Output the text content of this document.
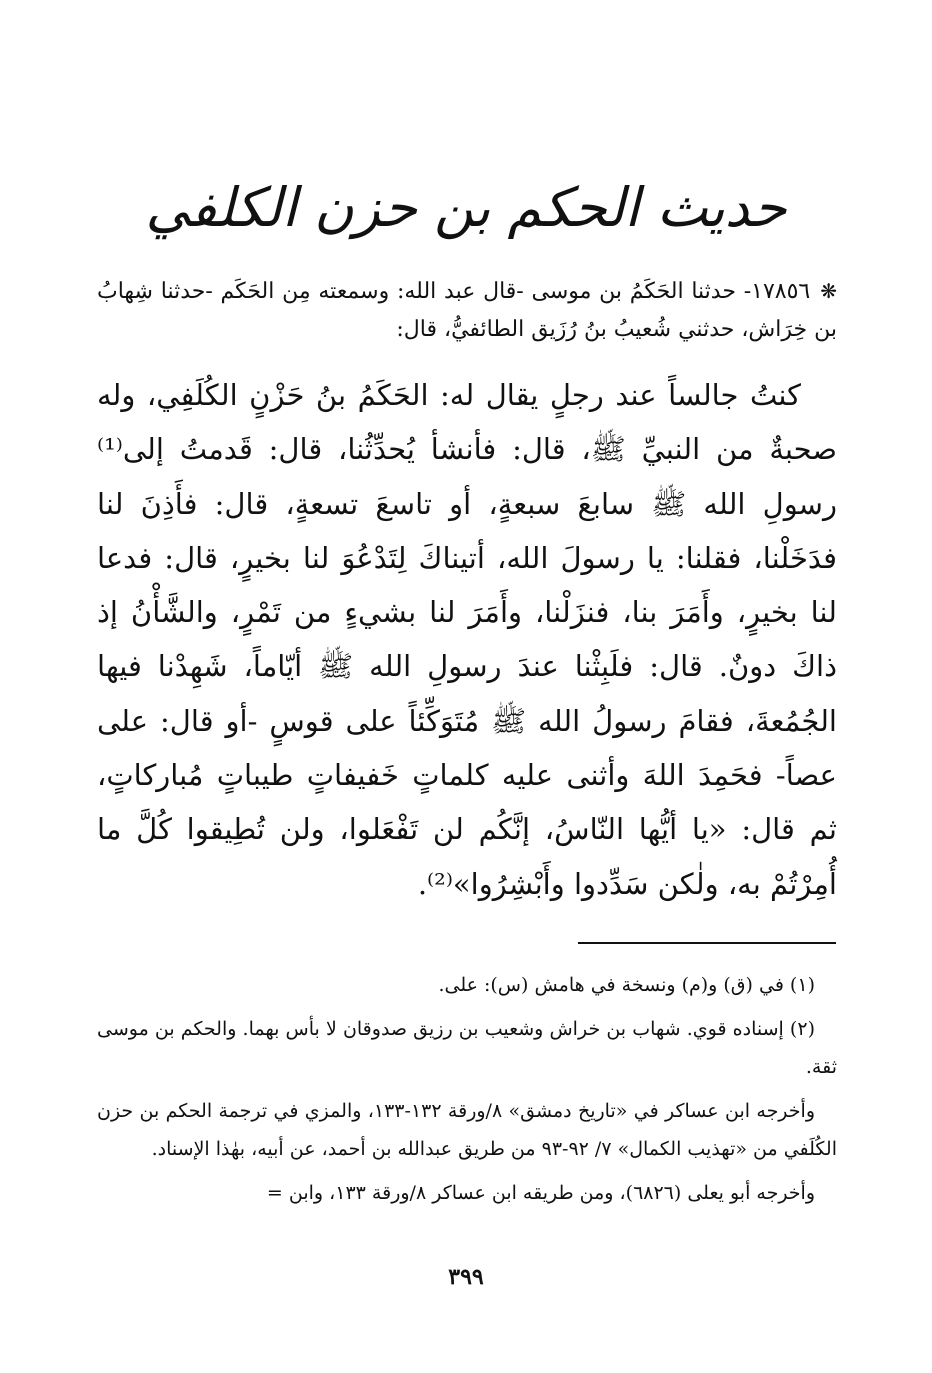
حديث الحكم بن حزن الكلفي
❋١٧٨٥٦- حدثنا الحَكَمُ بن موسى -قال عبد الله: وسمعته مِن الحَكَم -حدثنا شِهابُ بن خِرَاش، حدثني شُعيبُ بنُ رُزَيق الطائفيُّ، قال:

كنتُ جالساً عند رجلٍ يقال له: الحَكَمُ بنُ حَزْنٍ الكُلَفِي، وله صحبةٌ من النبيِّ ﷺ، قال: فأنشأ يُحدِّثُنا، قال: قَدمتُ إلى⁽¹⁾ رسولِ الله ﷺ سابعَ سبعةٍ، أو تاسعَ تسعةٍ، قال: فأَذِنَ لنا فدَخَلْنا، فقلنا: يا رسولَ الله، أتيناكَ لِتَدْعُوَ لنا بخيرٍ، قال: فدعا لنا بخيرٍ، وأَمَرَ بنا، فنزَلْنا، وأَمَرَ لنا بشيءٍ من تَمْرٍ، والشَّأْنُ إذ ذاكَ دونٌ. قال: فلَبِثْنا عندَ رسولِ الله ﷺ أيّاماً، شَهِدْنا فيها الجُمُعةَ، فقامَ رسولُ الله ﷺ مُتَوَكِّئاً على قوسٍ -أو قال: على عصاً- فحَمِدَ اللهَ وأثنى عليه كلماتٍ خَفيفاتٍ طيباتٍ مُباركاتٍ، ثم قال: «يا أيُّها النّاسُ، إنَّكُم لن تَفْعَلوا، ولن تُطِيقوا كُلَّ ما أُمِرْتُمْ به، ولٰكن سَدِّدوا وأَبْشِرُوا»⁽²⁾.

(١) في (ق) و(م) ونسخة في هامش (س): على.

(٢) إسناده قوي. شهاب بن خراش وشعيب بن رزيق صدوقان لا بأس بهما. والحكم بن موسى ثقة.

وأخرجه ابن عساكر في «تاريخ دمشق» ٨/ورقة ١٣٢-١٣٣، والمزي في ترجمة الحكم بن حزن الكُلَفي من «تهذيب الكمال» ٧/ ٩٢-٩٣ من طريق عبدالله بن أحمد، عن أبيه، بهٰذا الإسناد.

وأخرجه أبو يعلى (٦٨٢٦)، ومن طريقه ابن عساكر ٨/ورقة ١٣٣، وابن =

٣٩٩
